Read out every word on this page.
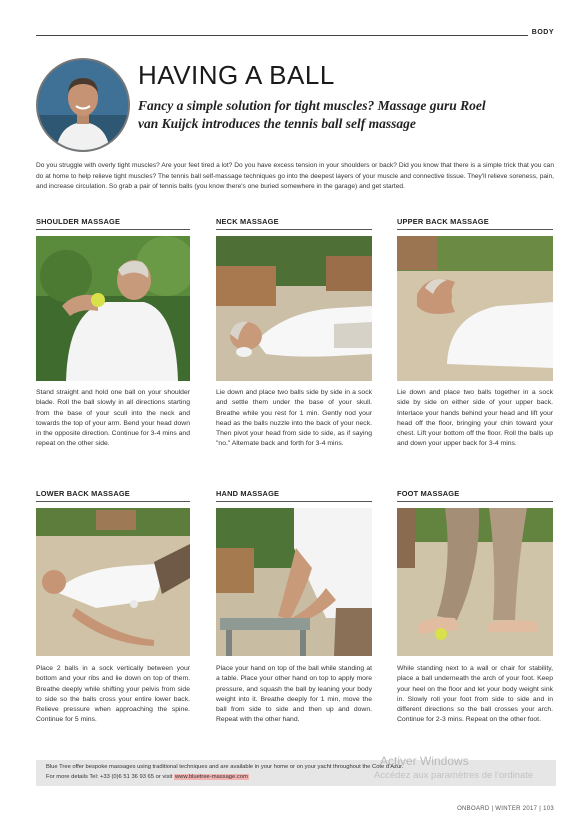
BODY
HAVING A BALL
Fancy a simple solution for tight muscles? Massage guru Roel van Kuijck introduces the tennis ball self massage
Do you struggle with overly tight muscles? Are your feet tired a lot? Do you have excess tension in your shoulders or back? Did you know that there is a simple trick that you can do at home to help relieve tight muscles? The tennis ball self-massage techniques go into the deepest layers of your muscle and connective tissue. They'll relieve soreness, pain, and increase circulation. So grab a pair of tennis balls (you know there's one buried somewhere in the garage) and get started.
SHOULDER MASSAGE	NECK MASSAGE	UPPER BACK MASSAGE
Stand straight and hold one ball on your shoulder blade. Roll the ball slowly in all directions starting from the base of your scull into the neck and towards the top of your arm. Bend your head down in the opposite direction. Continue for 3-4 mins and repeat on the other side.
Lie down and place two balls side by side in a sock and settle them under the base of your skull. Breathe while you rest for 1 min. Gently nod your head as the balls nuzzle into the back of your neck. Then pivot your head from side to side, as if saying "no." Alternate back and forth for 3-4 mins.
Lie down and place two balls together in a sock side by side on either side of your upper back. Interlace your hands behind your head and lift your head off the floor, bringing your chin toward your chest. Lift your bottom off the floor. Roll the balls up and down your upper back for 3-4 mins.
LOWER BACK MASSAGE	HAND MASSAGE	FOOT MASSAGE
Place 2 balls in a sock vertically between your bottom and your ribs and lie down on top of them. Breathe deeply while shifting your pelvis from side to side so the balls cross your entire lower back. Relieve pressure when approaching the spine. Continue for 5 mins.
Place your hand on top of the ball while standing at a table. Place your other hand on top to apply more pressure, and squash the ball by leaning your body weight into it. Breathe deeply for 1 min, move the ball from side to side and then up and down. Repeat with the other hand.
While standing next to a wall or chair for stability, place a ball underneath the arch of your foot. Keep your heel on the floor and let your body weight sink in. Slowly roll your foot from side to side and in different directions so the ball crosses your arch. Continue for 2-3 mins. Repeat on the other foot.
Blue Tree offer bespoke massages using traditional techniques and are available in your home or on your yacht throughout the Cote d'Azur.
For more details Tel: +33 (0)6 51 36 93 65 or visit www.bluetree-massage.com
Activer Windows
Accédez aux paramètres de l'ordinate
ONBOARD | WINTER 2017 | 103
